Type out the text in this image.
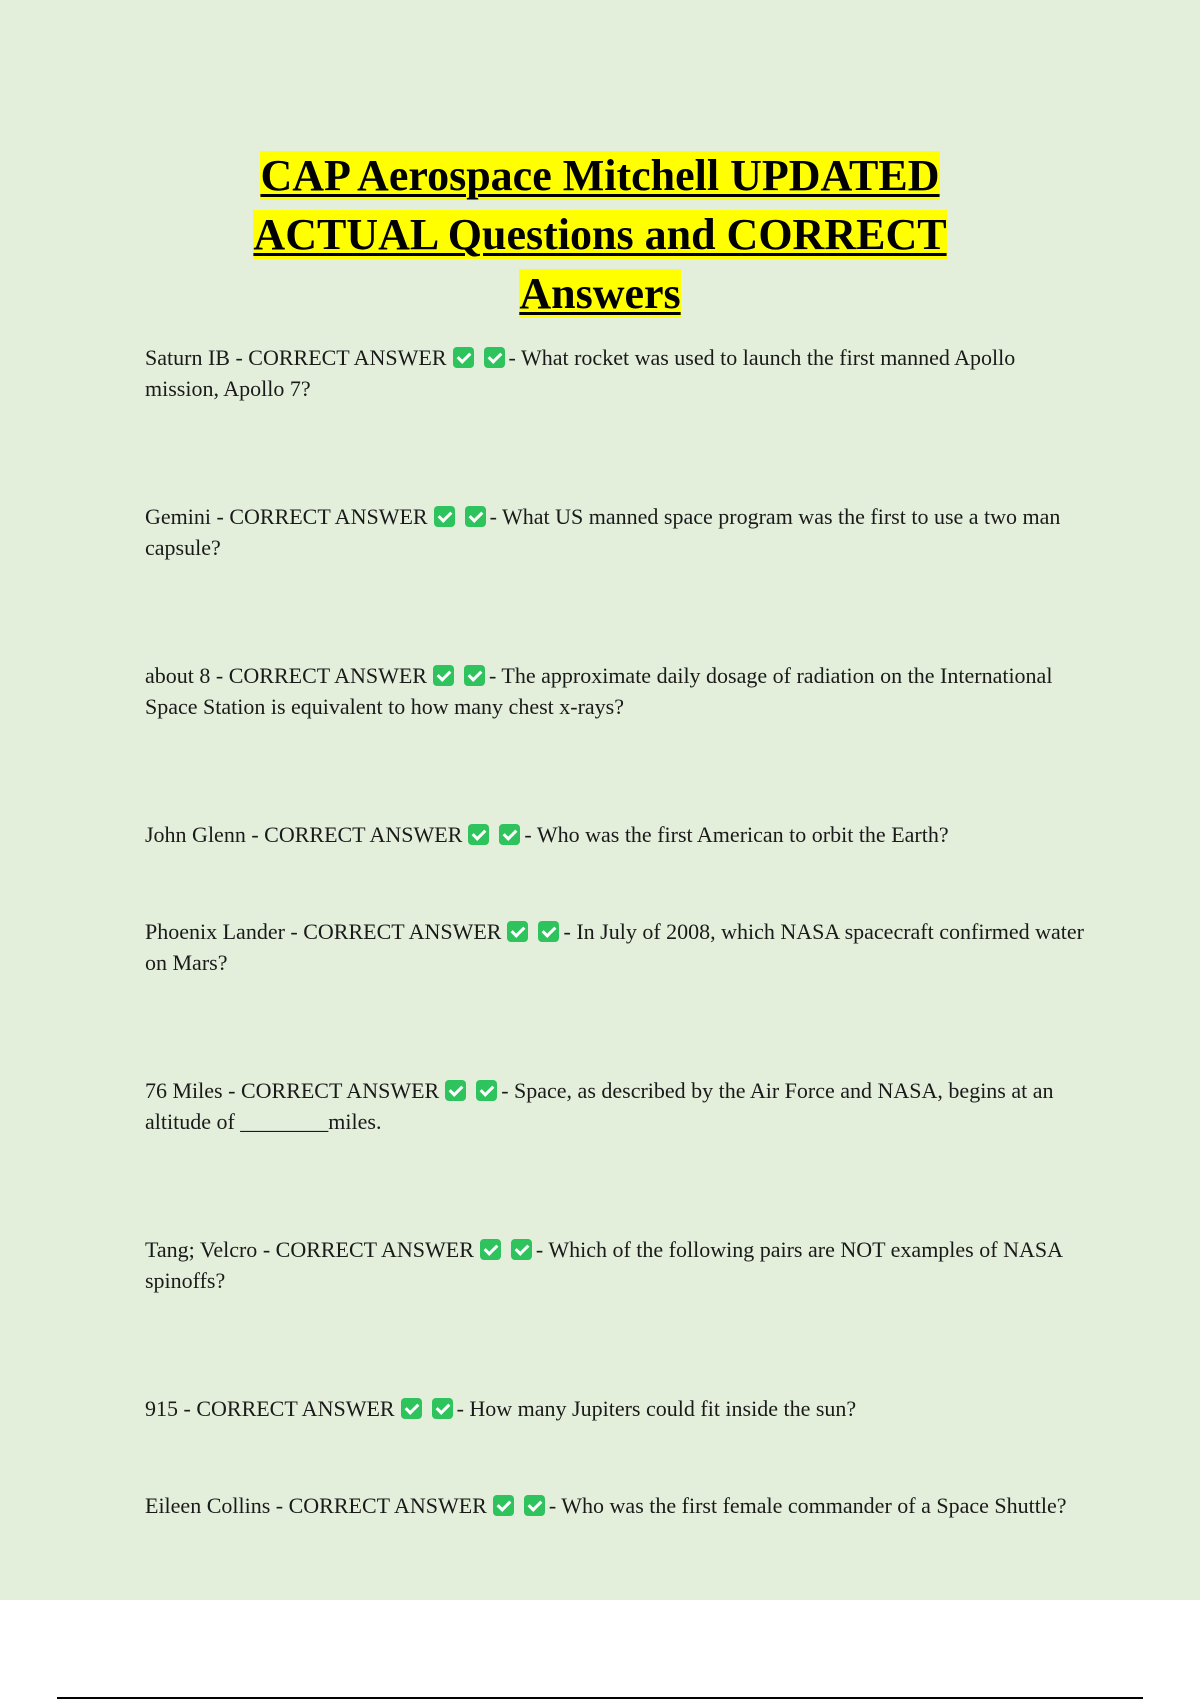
CAP Aerospace Mitchell UPDATED
ACTUAL Questions and CORRECT
Answers
Saturn IB - CORRECT ANSWER	- What rocket was used to launch the first manned Apollo mission, Apollo 7?
Gemini - CORRECT ANSWER	- What US manned space program was the first to use a two man capsule?
about 8 - CORRECT ANSWER	- The approximate daily dosage of radiation on the International Space Station is equivalent to how many chest x-rays?
John Glenn - CORRECT ANSWER	- Who was the first American to orbit the Earth?
Phoenix Lander - CORRECT ANSWER	- In July of 2008, which NASA spacecraft confirmed water on Mars?
76 Miles - CORRECT ANSWER	- Space, as described by the Air Force and NASA, begins at an altitude of ________miles.
Tang; Velcro - CORRECT ANSWER	- Which of the following pairs are NOT examples of NASA spinoffs?
915 - CORRECT ANSWER	- How many Jupiters could fit inside the sun?
Eileen Collins - CORRECT ANSWER	- Who was the first female commander of a Space Shuttle?
